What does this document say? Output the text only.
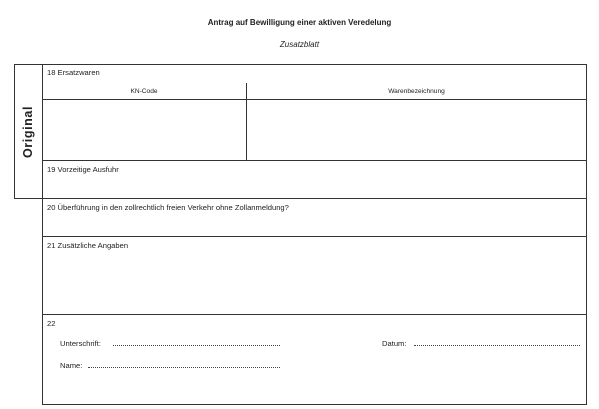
Antrag auf Bewilligung einer aktiven Veredelung
Zusatzblatt
Original
18 Ersatzwaren
KN-Code	Warenbezeichnung
19 Vorzeitige Ausfuhr
20 Überführung in den zollrechtlich freien Verkehr ohne Zollanmeldung?
21 Zusätzliche Angaben
22
Unterschrift:	Datum:
Name:
